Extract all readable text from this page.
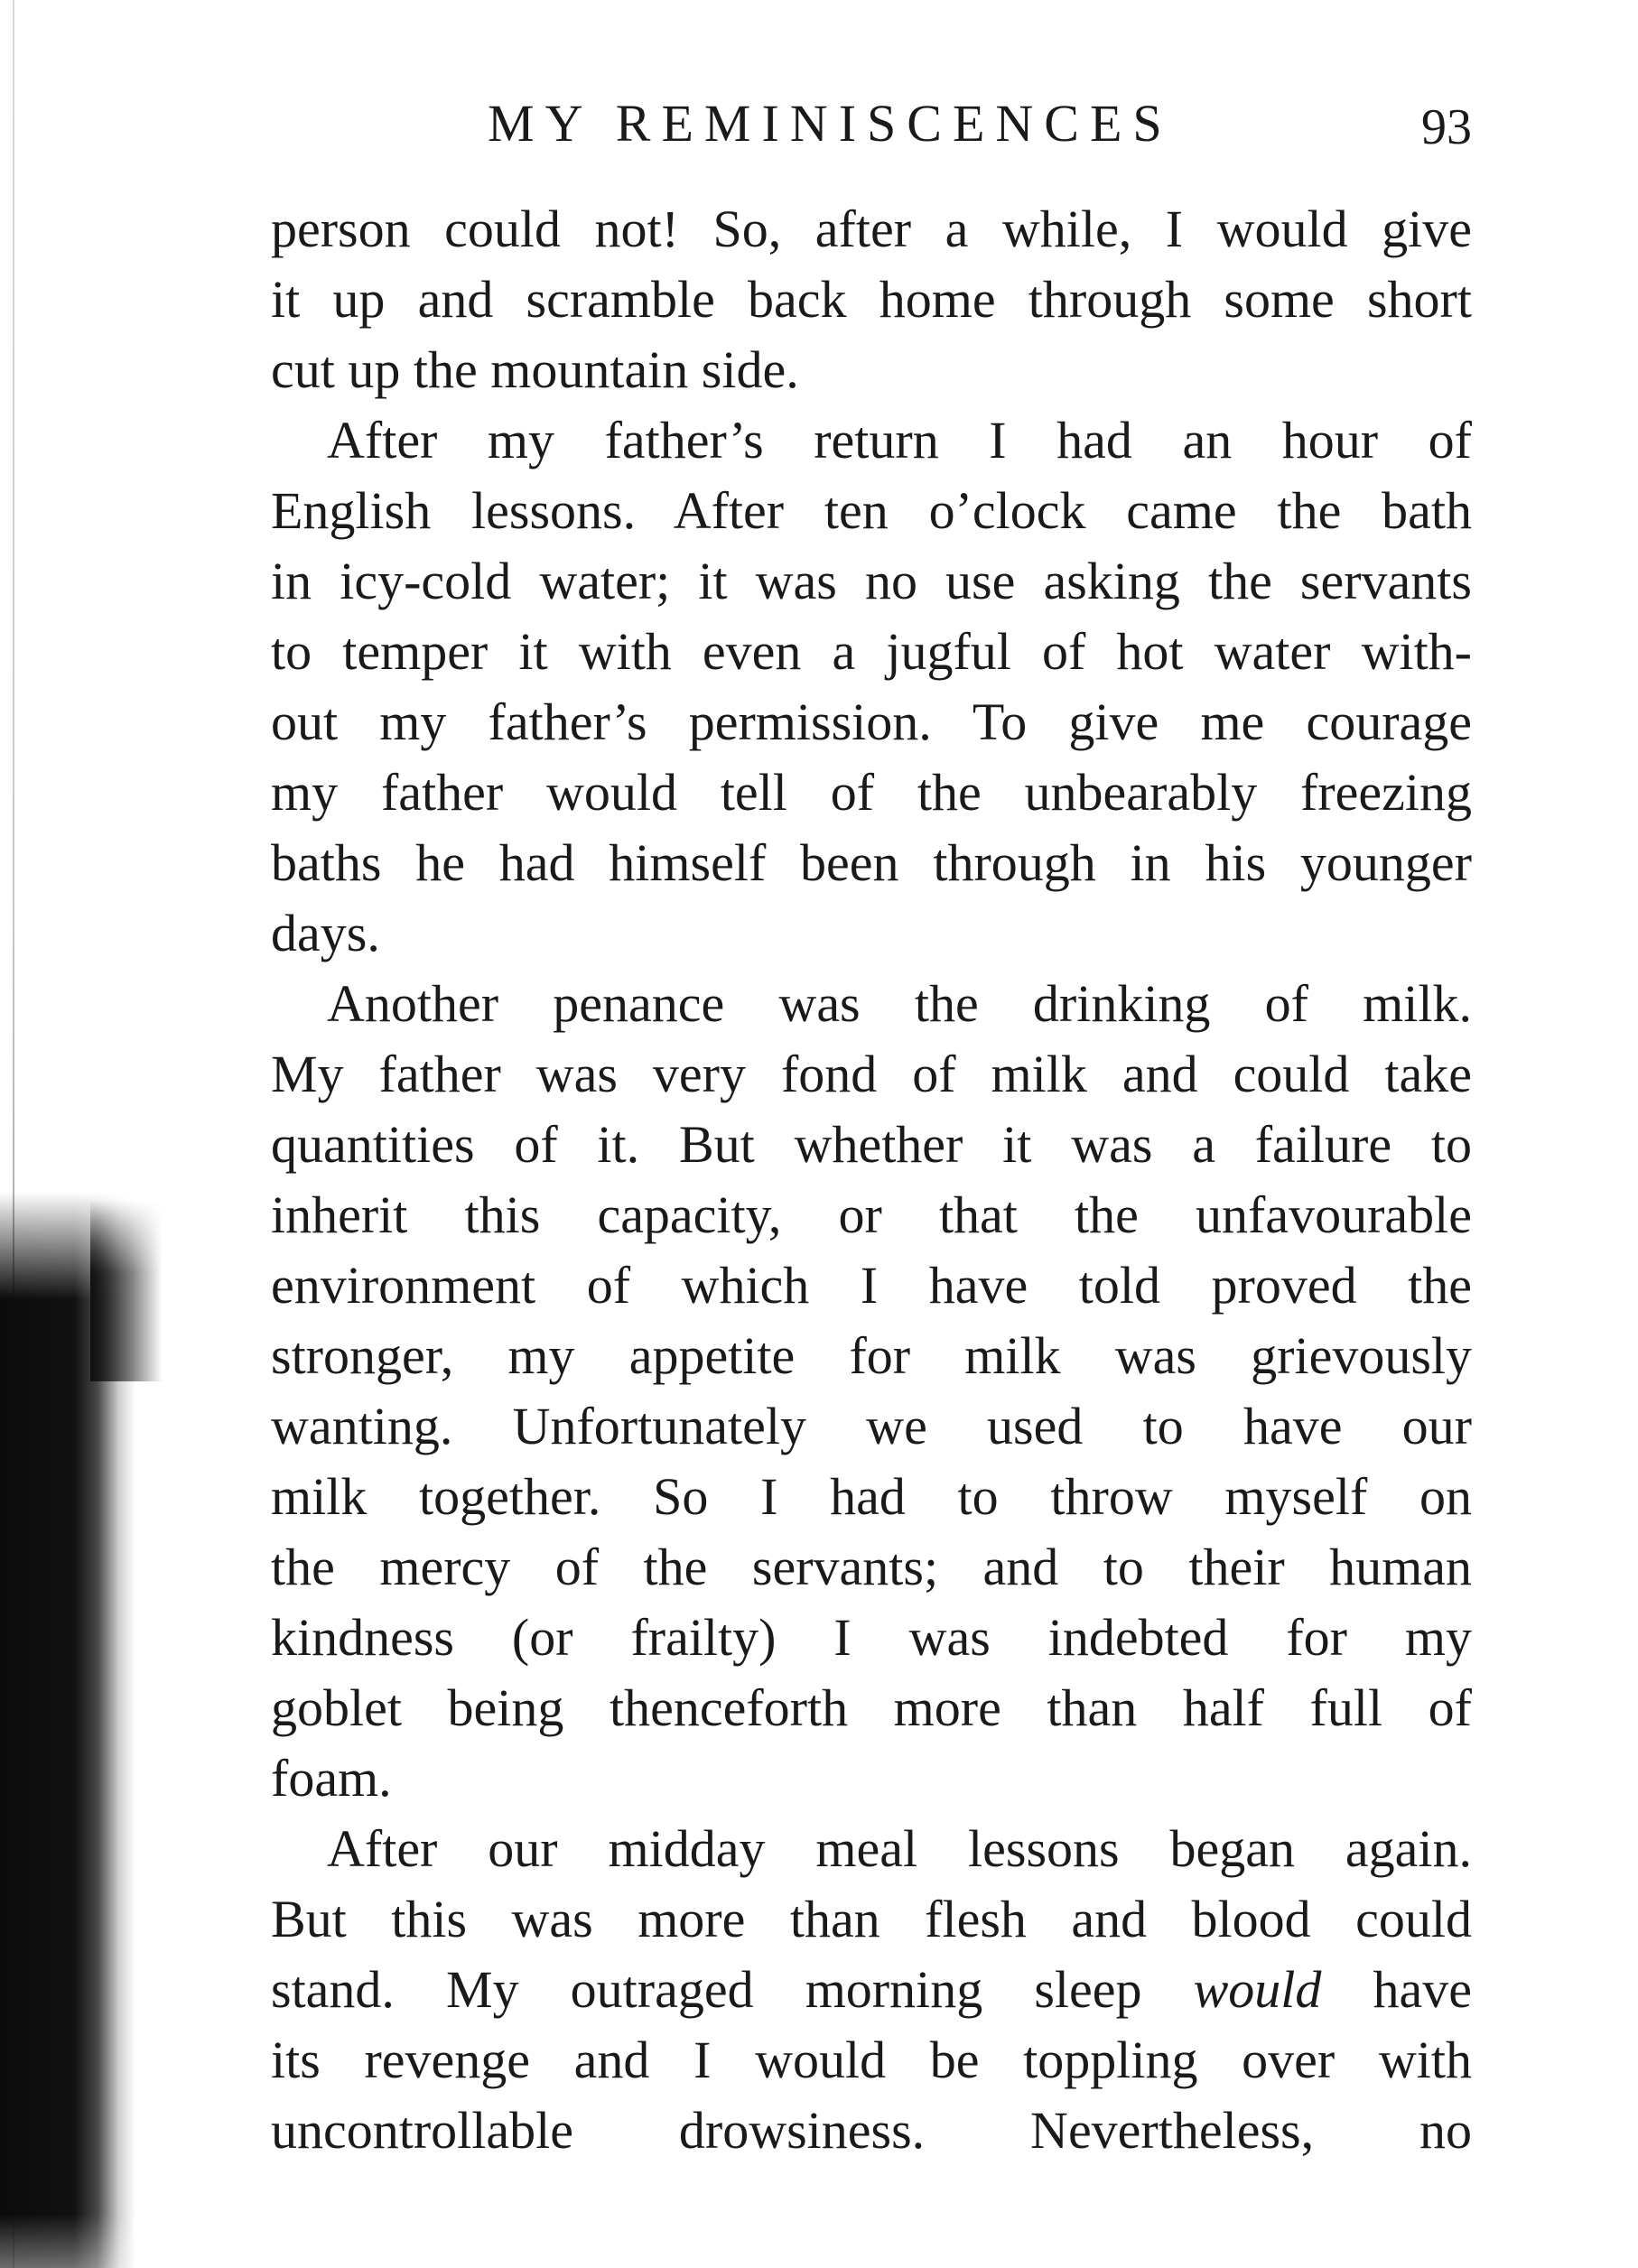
MY REMINISCENCES	93
person could not! So, after a while, I would give
it up and scramble back home through some short
cut up the mountain side.
After my father’s return I had an hour of
English lessons. After ten o’clock came the bath
in icy-cold water; it was no use asking the servants
to temper it with even a jugful of hot water with-
out my father’s permission. To give me courage
my father would tell of the unbearably freezing
baths he had himself been through in his younger
days.
Another penance was the drinking of milk.
My father was very fond of milk and could take
quantities of it. But whether it was a failure to
inherit this capacity, or that the unfavourable
environment of which I have told proved the
stronger, my appetite for milk was grievously
wanting. Unfortunately we used to have our
milk together. So I had to throw myself on
the mercy of the servants; and to their human
kindness (or frailty) I was indebted for my
goblet being thenceforth more than half full of
foam.
After our midday meal lessons began again.
But this was more than flesh and blood could
stand. My outraged morning sleep would have
its revenge and I would be toppling over with
uncontrollable drowsiness. Nevertheless, no
